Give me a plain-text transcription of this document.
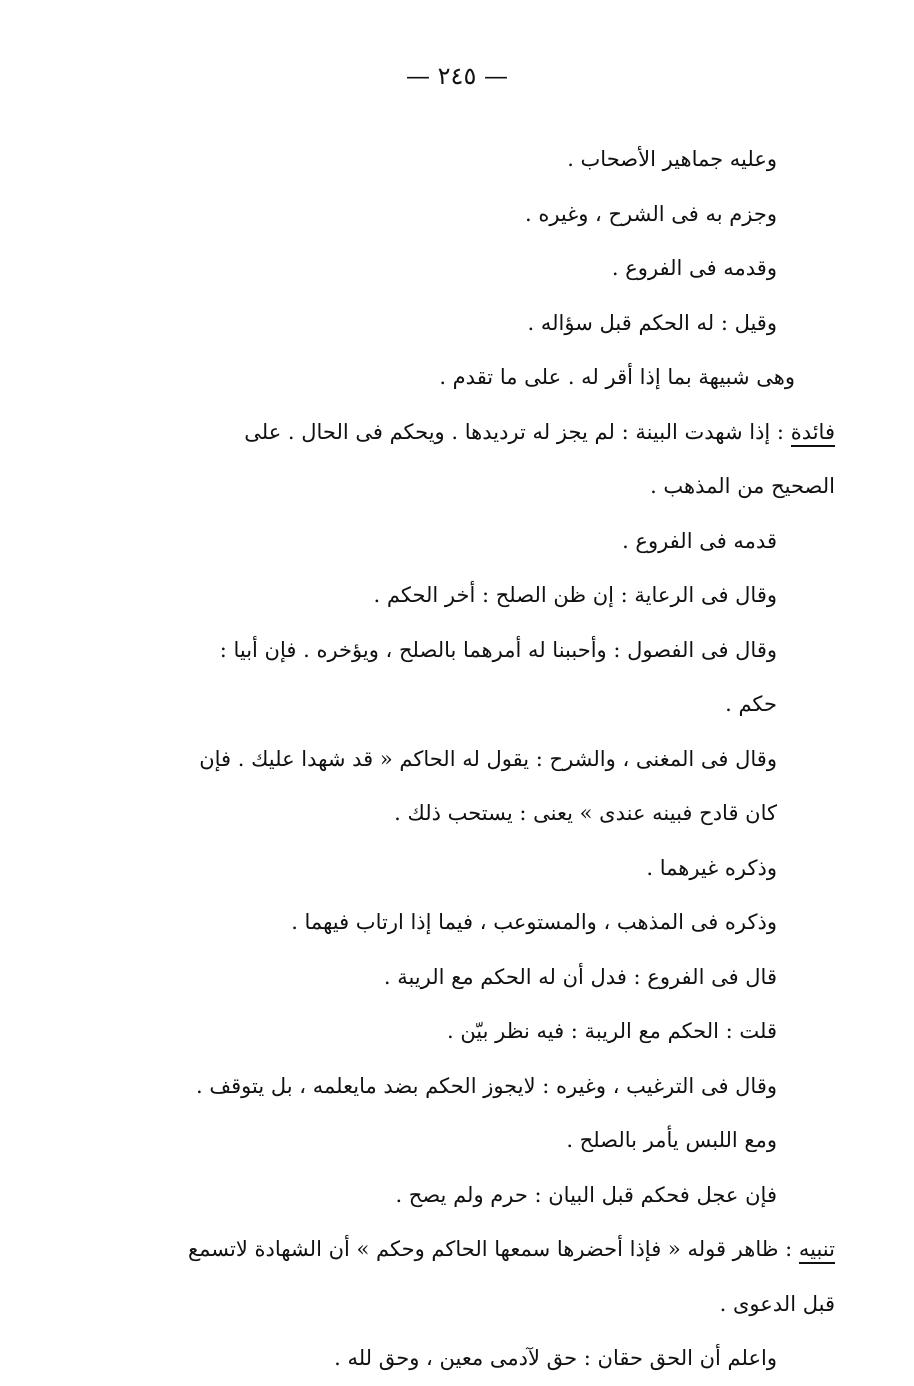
— ٢٤٥ —

وعليه جماهير الأصحاب .

وجزم به فى الشرح ، وغيره .

وقدمه فى الفروع .

وقيل : له الحكم قبل سؤاله .

وهى شبيهة بما إذا أقر له . على ما تقدم .

فائدة : إذا شهدت البينة : لم يجز له ترديدها . ويحكم فى الحال . على الصحيح من المذهب .

قدمه فى الفروع .

وقال فى الرعاية : إن ظن الصلح : أخر الحكم .

وقال فى الفصول : وأحببنا له أمرهما بالصلح ، ويؤخره . فإن أبيا : حكم .

وقال فى المغنى ، والشرح : يقول له الحاكم « قد شهدا عليك . فإن كان قادح فبينه عندى » يعنى : يستحب ذلك .

وذكره غيرهما .

وذكره فى المذهب ، والمستوعب ، فيما إذا ارتاب فيهما .

قال فى الفروع : فدل أن له الحكم مع الريبة .

قلت : الحكم مع الريبة : فيه نظر بيّن .

وقال فى الترغيب ، وغيره : لايجوز الحكم بضد مايعلمه ، بل يتوقف . ومع اللبس يأمر بالصلح .

فإن عجل فحكم قبل البيان : حرم ولم يصح .

تنبيه : ظاهر قوله « فإذا أحضرها سمعها الحاكم وحكم » أن الشهادة لاتسمع قبل الدعوى .

واعلم أن الحق حقان : حق لآدمى معين ، وحق لله .
